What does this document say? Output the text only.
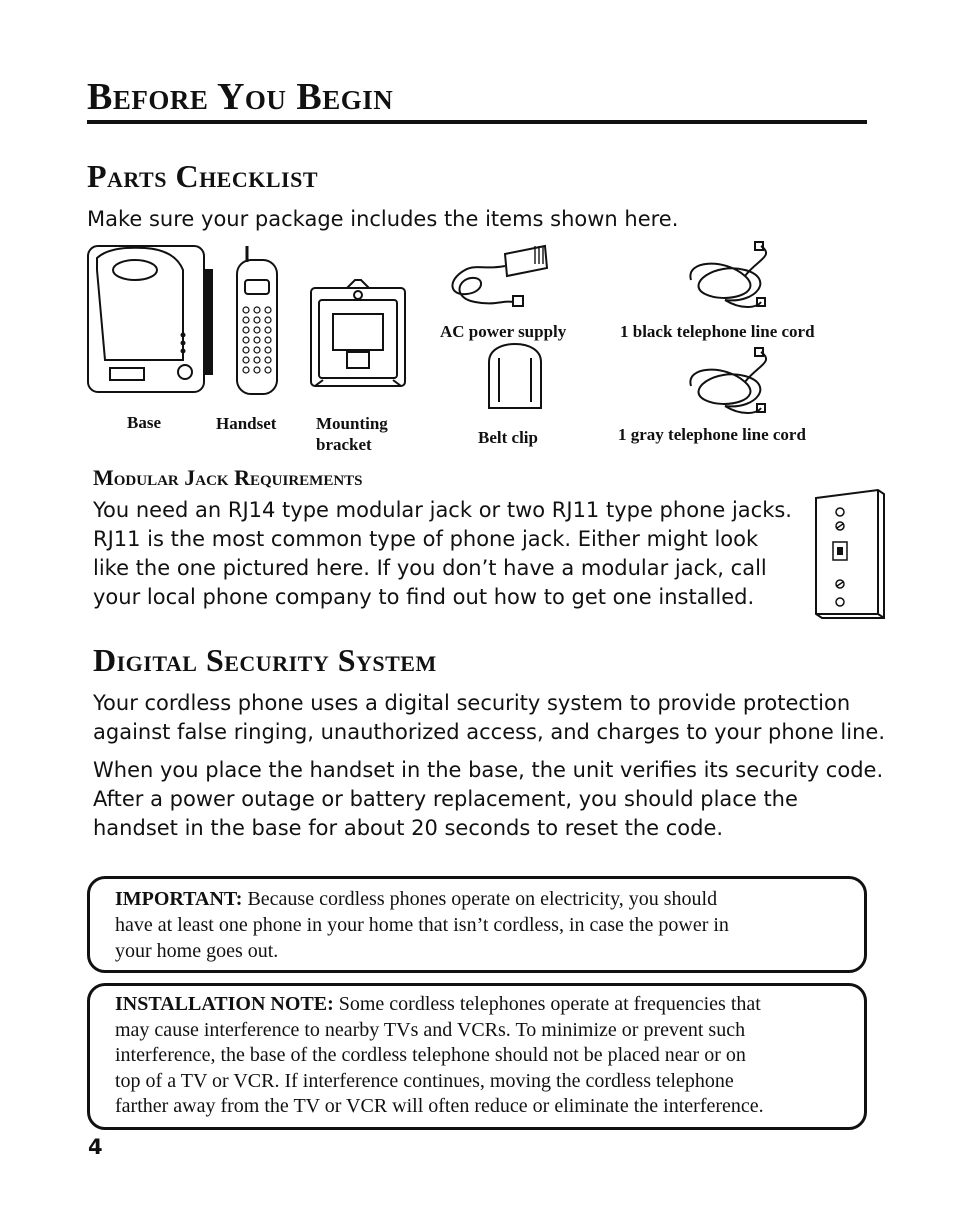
Before You Begin
Parts Checklist
Make sure your package includes the items shown here.
Base	Handset Mounting
bracket
AC power supply
Belt clip
1 black telephone line cord
1 gray telephone line cord
Modular Jack Requirements
You need an RJ14 type modular jack or two RJ11 type phone jacks.
RJ11 is the most common type of phone jack. Either might look
like the one pictured here. If you don’t have a modular jack, call
your local phone company to find out how to get one installed.
Digital Security System
Your cordless phone uses a digital security system to provide protection
against false ringing, unauthorized access, and charges to your phone line.
When you place the handset in the base, the unit verifies its security code.
After a power outage or battery replacement, you should place the
handset in the base for about 20 seconds to reset the code.
IMPORTANT: Because cordless phones operate on electricity, you should
have at least one phone in your home that isn’t cordless, in case the power in
your home goes out.
INSTALLATION NOTE: Some cordless telephones operate at frequencies that
may cause interference to nearby TVs and VCRs. To minimize or prevent such
interference, the base of the cordless telephone should not be placed near or on
top of a TV or VCR. If interference continues, moving the cordless telephone
farther away from the TV or VCR will often reduce or eliminate the interference.
4
